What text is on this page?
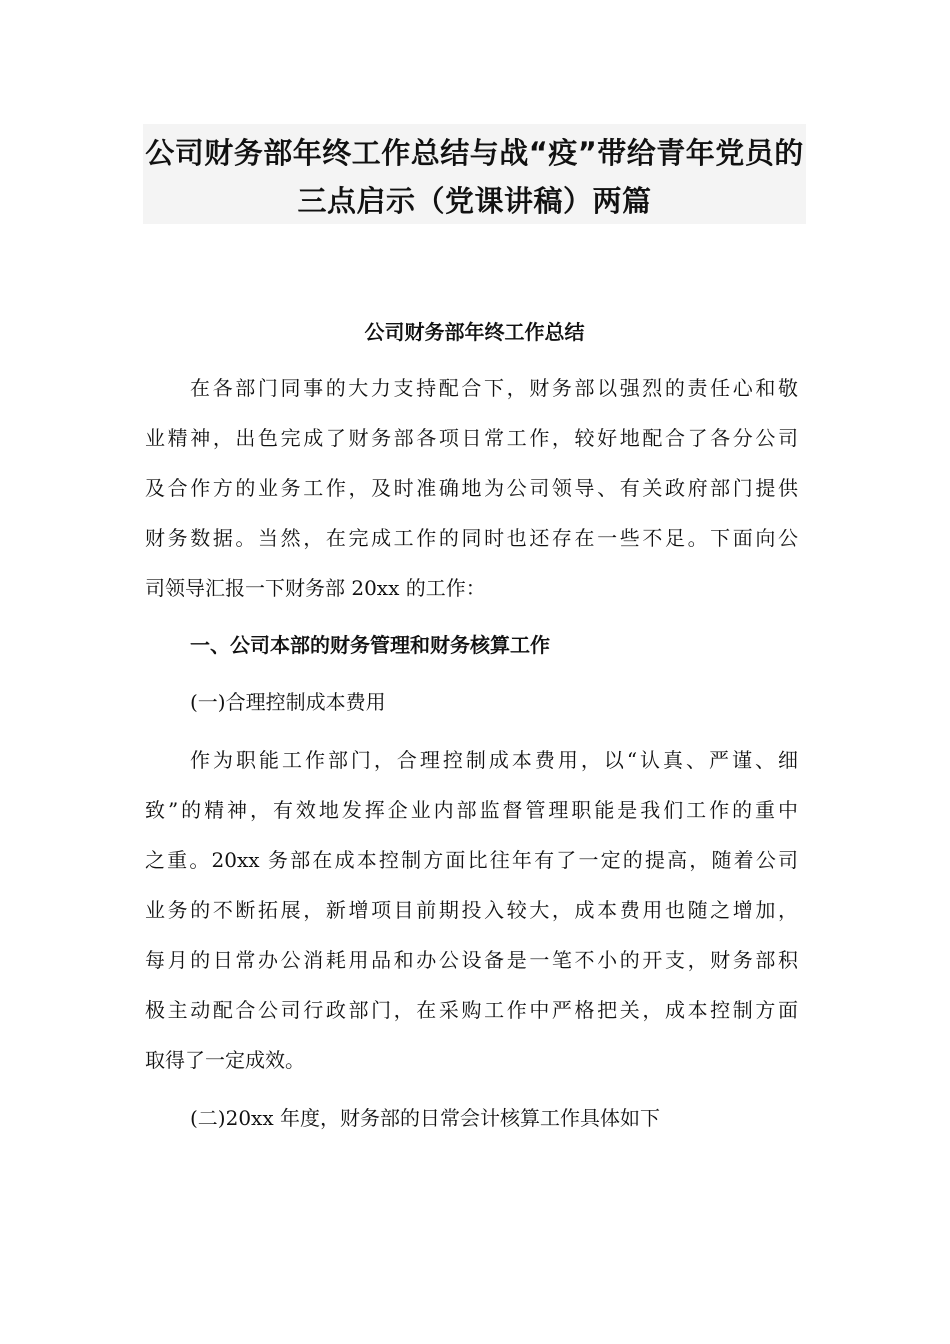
公司财务部年终工作总结与战“疫”带给青年党员的
三点启示（党课讲稿）两篇
公司财务部年终工作总结
在各部门同事的大力支持配合下，财务部以强烈的责任心和敬
业精神，出色完成了财务部各项日常工作，较好地配合了各分公司
及合作方的业务工作，及时准确地为公司领导、有关政府部门提供
财务数据。当然，在完成工作的同时也还存在一些不足。下面向公
司领导汇报一下财务部 20xx 的工作：
一、公司本部的财务管理和财务核算工作
(一)合理控制成本费用
作为职能工作部门，合理控制成本费用，以“认真、严谨、细
致”的精神，有效地发挥企业内部监督管理职能是我们工作的重中
之重。20xx 务部在成本控制方面比往年有了一定的提高，随着公司
业务的不断拓展，新增项目前期投入较大，成本费用也随之增加，
每月的日常办公消耗用品和办公设备是一笔不小的开支，财务部积
极主动配合公司行政部门，在采购工作中严格把关，成本控制方面
取得了一定成效。
(二)20xx 年度，财务部的日常会计核算工作具体如下
